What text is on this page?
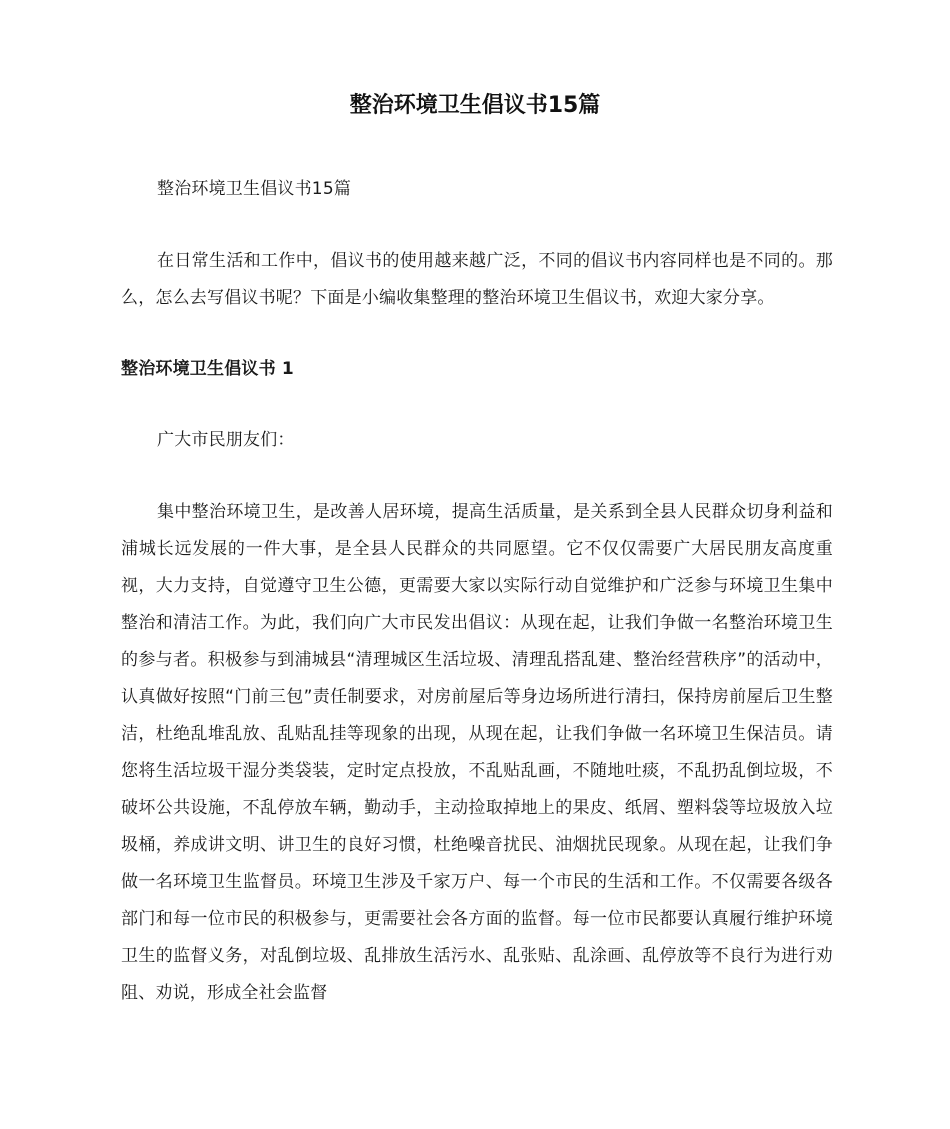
整治环境卫生倡议书15篇

整治环境卫生倡议书15篇

在日常生活和工作中，倡议书的使用越来越广泛，不同的倡议书内容同样也是不同的。那么，怎么去写倡议书呢？下面是小编收集整理的整治环境卫生倡议书，欢迎大家分享。

整治环境卫生倡议书 1

广大市民朋友们：

集中整治环境卫生，是改善人居环境，提高生活质量，是关系到全县人民群众切身利益和浦城长远发展的一件大事，是全县人民群众的共同愿望。它不仅仅需要广大居民朋友高度重视，大力支持，自觉遵守卫生公德，更需要大家以实际行动自觉维护和广泛参与环境卫生集中整治和清洁工作。为此，我们向广大市民发出倡议：从现在起，让我们争做一名整治环境卫生的参与者。积极参与到浦城县“清理城区生活垃圾、清理乱搭乱建、整治经营秩序”的活动中，认真做好按照“门前三包”责任制要求，对房前屋后等身边场所进行清扫，保持房前屋后卫生整洁，杜绝乱堆乱放、乱贴乱挂等现象的出现，从现在起，让我们争做一名环境卫生保洁员。请您将生活垃圾干湿分类袋装，定时定点投放，不乱贴乱画，不随地吐痰，不乱扔乱倒垃圾，不破坏公共设施，不乱停放车辆，勤动手，主动捡取掉地上的果皮、纸屑、塑料袋等垃圾放入垃圾桶，养成讲文明、讲卫生的良好习惯，杜绝噪音扰民、油烟扰民现象。从现在起，让我们争做一名环境卫生监督员。环境卫生涉及千家万户、每一个市民的生活和工作。不仅需要各级各部门和每一位市民的积极参与，更需要社会各方面的监督。每一位市民都要认真履行维护环境卫生的监督义务，对乱倒垃圾、乱排放生活污水、乱张贴、乱涂画、乱停放等不良行为进行劝阻、劝说，形成全社会监督
